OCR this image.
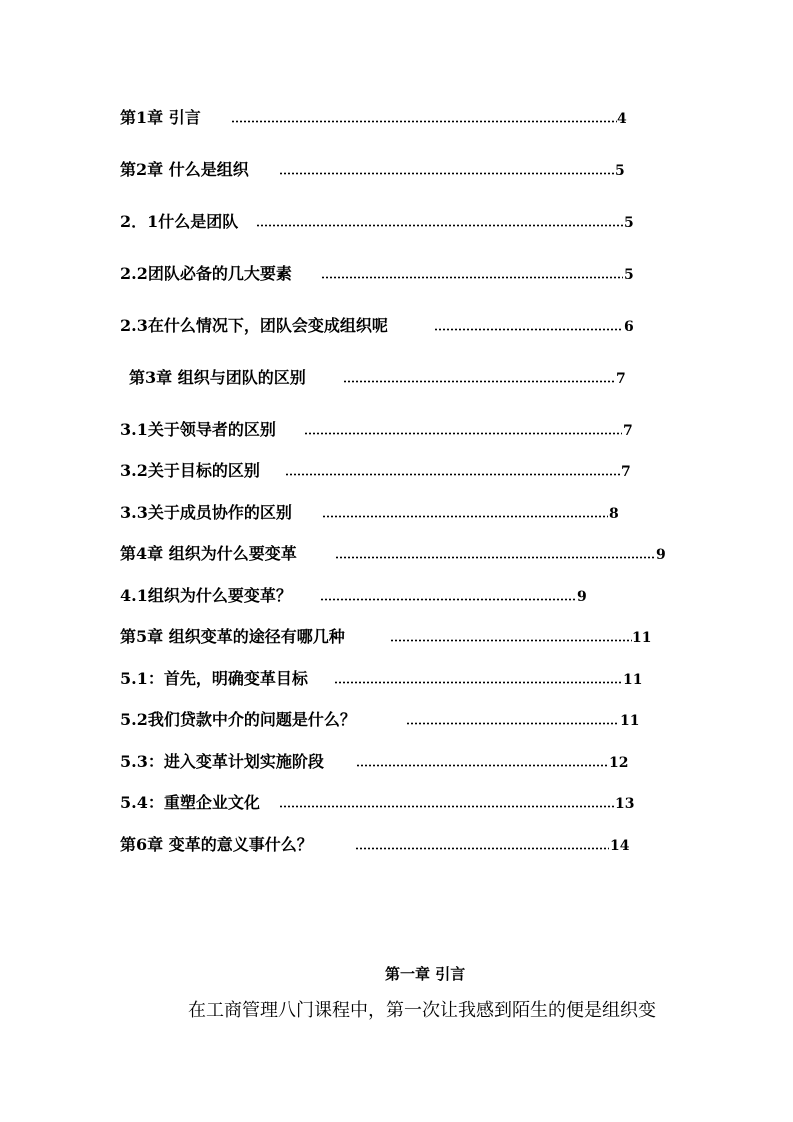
第1章 引言	4
第2章 什么是组织	5
2．1什么是团队	5
2.2团队必备的几大要素	5
2.3在什么情况下，团队会变成组织呢	6
第3章 组织与团队的区别	7
3.1关于领导者的区别	7
3.2关于目标的区别	7
3.3关于成员协作的区别	8
第4章 组织为什么要变革	9
4.1组织为什么要变革？	9
第5章 组织变革的途径有哪几种	11
5.1：首先，明确变革目标	11
5.2我们贷款中介的问题是什么？	11
5.3：进入变革计划实施阶段	12
5.4：重塑企业文化	13
第6章 变革的意义事什么？	14
第一章 引言
在工商管理八门课程中，第一次让我感到陌生的便是组织变
